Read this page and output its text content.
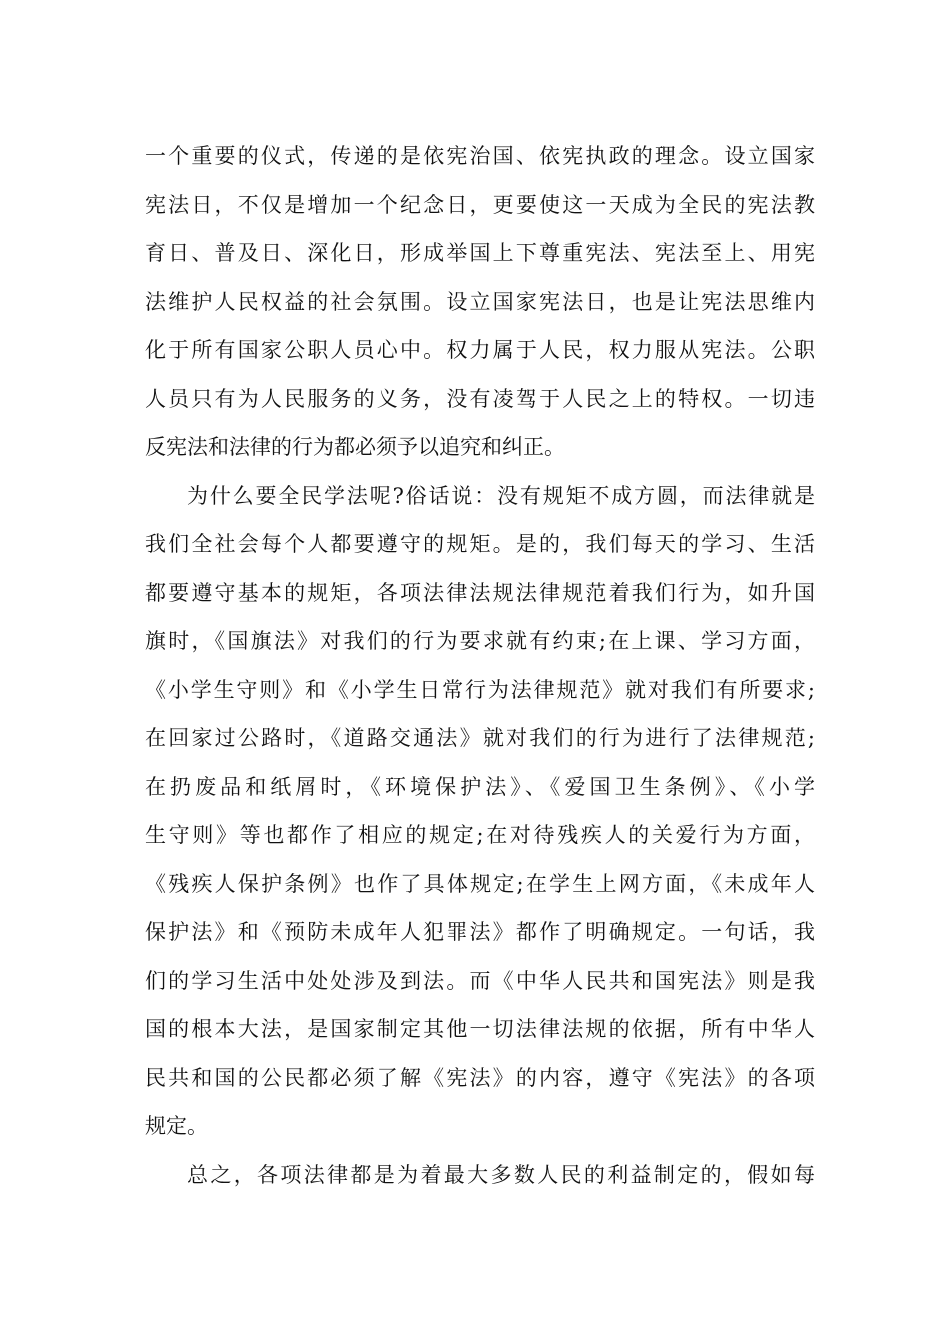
一个重要的仪式，传递的是依宪治国、依宪执政的理念。设立国家
宪法日，不仅是增加一个纪念日，更要使这一天成为全民的宪法教
育日、普及日、深化日，形成举国上下尊重宪法、宪法至上、用宪
法维护人民权益的社会氛围。设立国家宪法日，也是让宪法思维内
化于所有国家公职人员心中。权力属于人民，权力服从宪法。公职
人员只有为人民服务的义务，没有凌驾于人民之上的特权。一切违
反宪法和法律的行为都必须予以追究和纠正。
为什么要全民学法呢?俗话说：没有规矩不成方圆，而法律就是
我们全社会每个人都要遵守的规矩。是的，我们每天的学习、生活
都要遵守基本的规矩，各项法律法规法律规范着我们行为，如升国
旗时，《国旗法》对我们的行为要求就有约束;在上课、学习方面，
《小学生守则》和《小学生日常行为法律规范》就对我们有所要求;
在回家过公路时，《道路交通法》就对我们的行为进行了法律规范;
在扔废品和纸屑时，《环境保护法》、《爱国卫生条例》、《小学
生守则》等也都作了相应的规定;在对待残疾人的关爱行为方面，
《残疾人保护条例》也作了具体规定;在学生上网方面，《未成年人
保护法》和《预防未成年人犯罪法》都作了明确规定。一句话，我
们的学习生活中处处涉及到法。而《中华人民共和国宪法》则是我
国的根本大法，是国家制定其他一切法律法规的依据，所有中华人
民共和国的公民都必须了解《宪法》的内容，遵守《宪法》的各项
规定。
总之，各项法律都是为着最大多数人民的利益制定的，假如每
